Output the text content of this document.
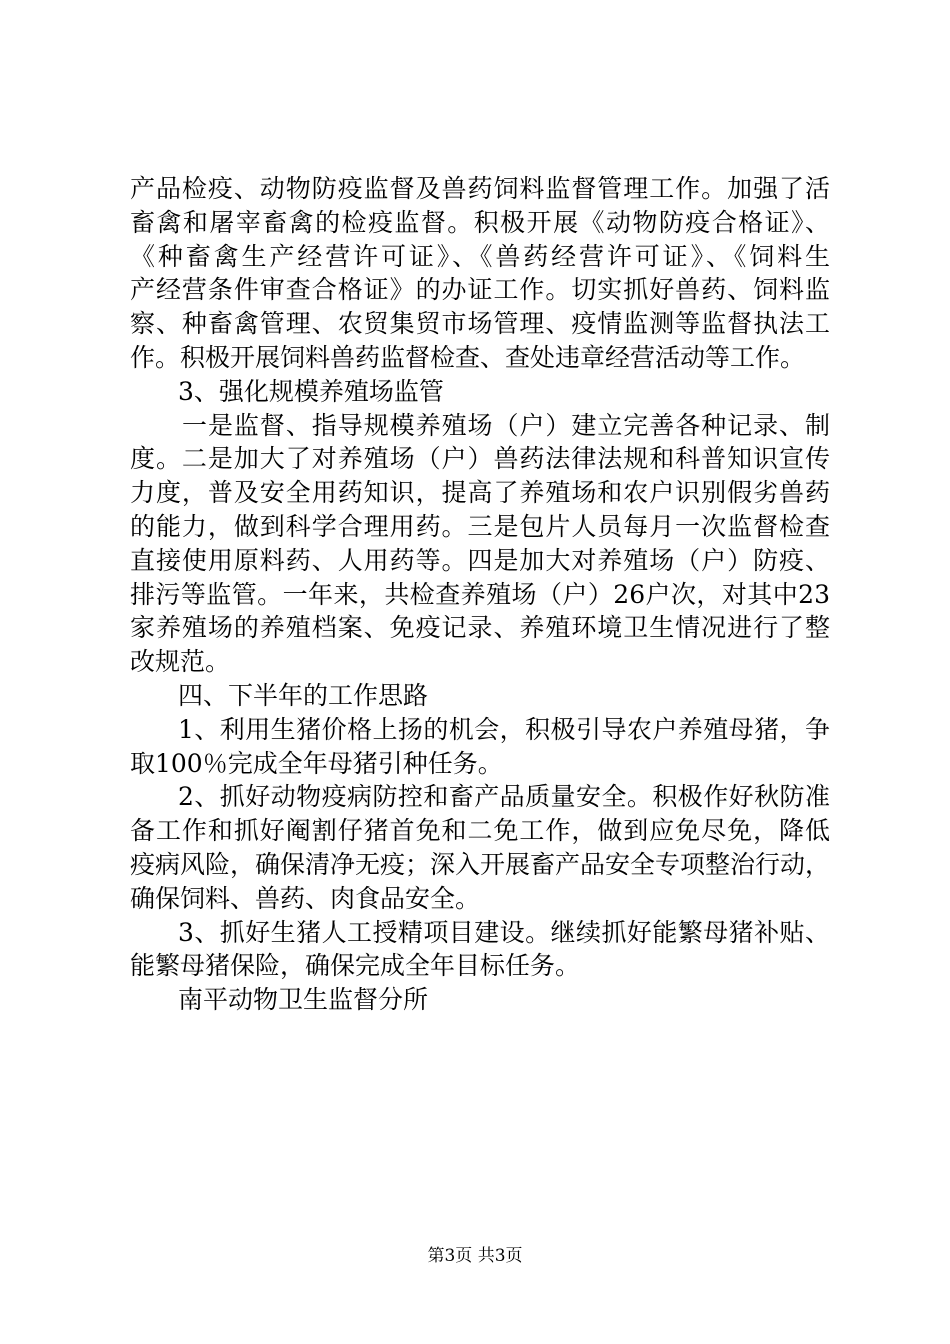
产品检疫、动物防疫监督及兽药饲料监督管理工作。加强了活
畜禽和屠宰畜禽的检疫监督。积极开展《动物防疫合格证》、
《种畜禽生产经营许可证》、《兽药经营许可证》、《饲料生
产经营条件审查合格证》的办证工作。切实抓好兽药、饲料监
察、种畜禽管理、农贸集贸市场管理、疫情监测等监督执法工
作。积极开展饲料兽药监督检查、查处违章经营活动等工作。
3、强化规模养殖场监管
一是监督、指导规模养殖场（户）建立完善各种记录、制
度。二是加大了对养殖场（户）兽药法律法规和科普知识宣传
力度，普及安全用药知识，提高了养殖场和农户识别假劣兽药
的能力，做到科学合理用药。三是包片人员每月一次监督检查
直接使用原料药、人用药等。四是加大对养殖场（户）防疫、
排污等监管。一年来，共检查养殖场（户）26户次，对其中23
家养殖场的养殖档案、免疫记录、养殖环境卫生情况进行了整
改规范。
四、下半年的工作思路
1、利用生猪价格上扬的机会，积极引导农户养殖母猪，争
取100％完成全年母猪引种任务。
2、抓好动物疫病防控和畜产品质量安全。积极作好秋防准
备工作和抓好阉割仔猪首免和二免工作，做到应免尽免，降低
疫病风险，确保清净无疫；深入开展畜产品安全专项整治行动，
确保饲料、兽药、肉食品安全。
3、抓好生猪人工授精项目建设。继续抓好能繁母猪补贴、
能繁母猪保险，确保完成全年目标任务。
南平动物卫生监督分所
第3页 共3页
